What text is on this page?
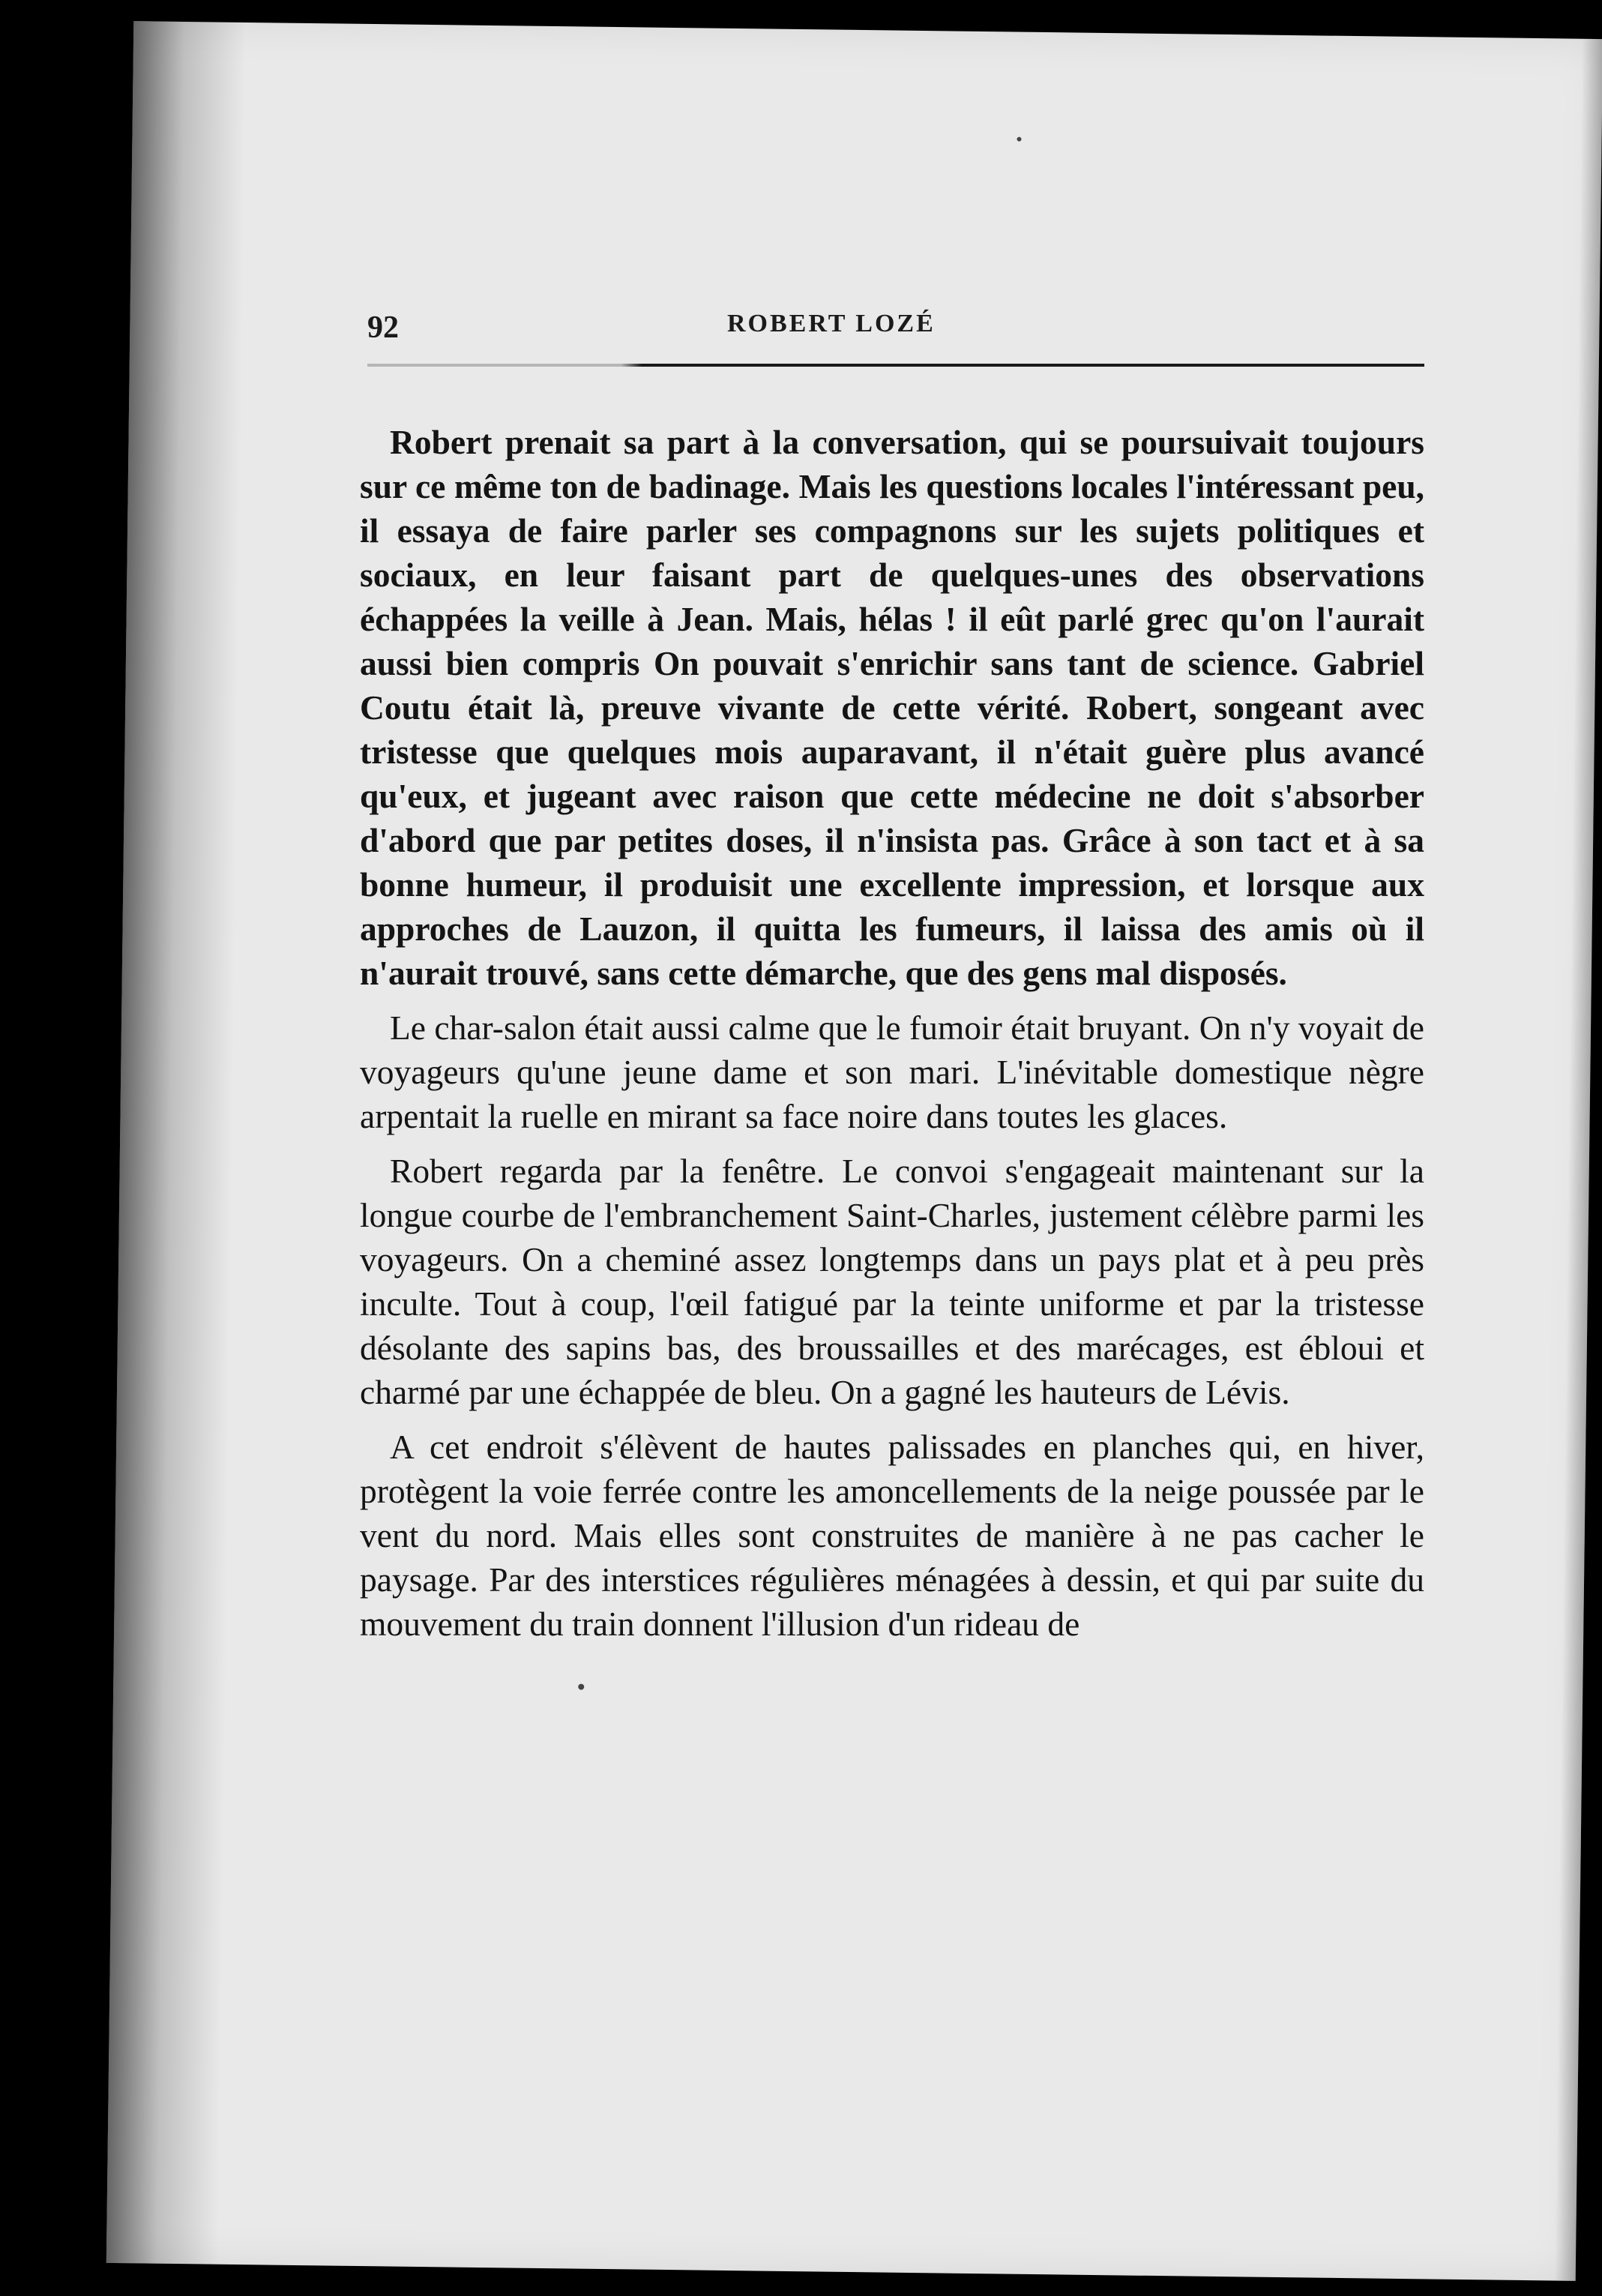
92	ROBERT LOZÉ

Robert prenait sa part à la conversation, qui se poursuivait toujours sur ce même ton de badinage. Mais les questions locales l'intéressant peu, il essaya de faire parler ses compagnons sur les sujets politiques et sociaux, en leur faisant part de quelques-unes des observations échappées la veille à Jean. Mais, hélas ! il eût parlé grec qu'on l'aurait aussi bien compris On pouvait s'enrichir sans tant de science. Gabriel Coutu était là, preuve vivante de cette vérité. Robert, songeant avec tristesse que quelques mois auparavant, il n'était guère plus avancé qu'eux, et jugeant avec raison que cette médecine ne doit s'absorber d'abord que par petites doses, il n'insista pas. Grâce à son tact et à sa bonne humeur, il produisit une excellente impression, et lorsque aux approches de Lauzon, il quitta les fumeurs, il laissa des amis où il n'aurait trouvé, sans cette démarche, que des gens mal disposés.

Le char-salon était aussi calme que le fumoir était bruyant. On n'y voyait de voyageurs qu'une jeune dame et son mari. L'inévitable domestique nègre arpentait la ruelle en mirant sa face noire dans toutes les glaces.

Robert regarda par la fenêtre. Le convoi s'engageait maintenant sur la longue courbe de l'embranchement Saint-Charles, justement célèbre parmi les voyageurs. On a cheminé assez longtemps dans un pays plat et à peu près inculte. Tout à coup, l'œil fatigué par la teinte uniforme et par la tristesse désolante des sapins bas, des broussailles et des marécages, est ébloui et charmé par une échappée de bleu. On a gagné les hauteurs de Lévis.

A cet endroit s'élèvent de hautes palissades en planches qui, en hiver, protègent la voie ferrée contre les amoncellements de la neige poussée par le vent du nord. Mais elles sont construites de manière à ne pas cacher le paysage. Par des interstices régulières ménagées à dessin, et qui par suite du mouvement du train donnent l'illusion d'un rideau de
